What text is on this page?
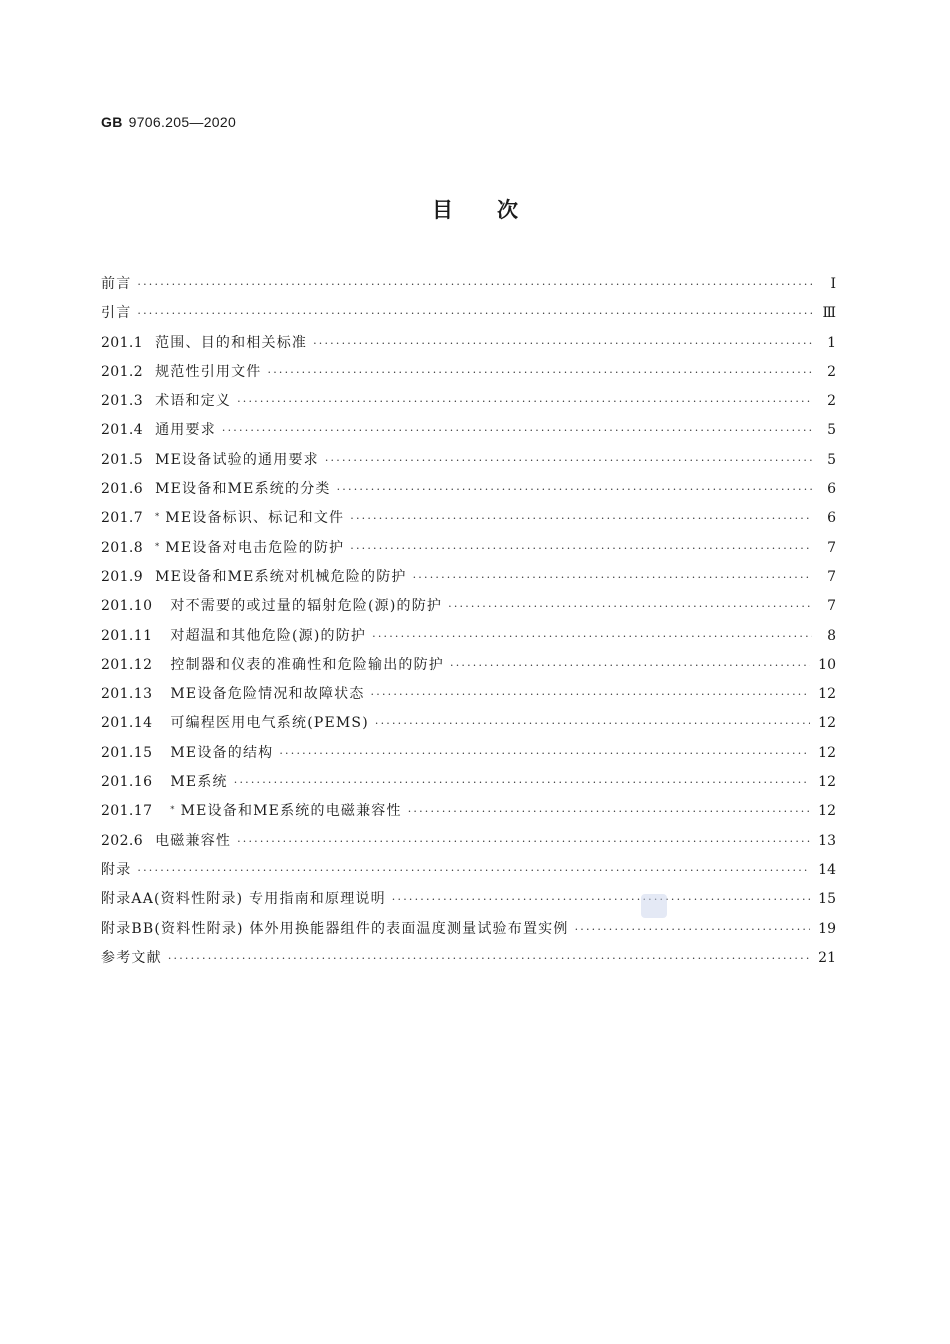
GB 9706.205—2020
目次
前言 ·····	Ⅰ
引言 ·····	Ⅲ
201.1 范围、目的和相关标准 ·····	1
201.2 规范性引用文件 ·····	2
201.3 术语和定义 ·····	2
201.4 通用要求 ·····	5
201.5 ME设备试验的通用要求 ·····	5
201.6 ME设备和ME系统的分类 ·····	6
201.7 * ME设备标识、标记和文件 ·····	6
201.8 * ME设备对电击危险的防护 ·····	7
201.9 ME设备和ME系统对机械危险的防护 ·····	7
201.10 对不需要的或过量的辐射危险(源)的防护 ·····	7
201.11 对超温和其他危险(源)的防护 ·····	8
201.12 控制器和仪表的准确性和危险输出的防护 ·····	10
201.13 ME设备危险情况和故障状态 ·····	12
201.14 可编程医用电气系统(PEMS) ·····	12
201.15 ME设备的结构 ·····	12
201.16 ME系统 ·····	12
201.17 * ME设备和ME系统的电磁兼容性 ·····	12
202.6 电磁兼容性 ·····	13
附录 ·····	14
附录AA(资料性附录) 专用指南和原理说明 ·····	15
附录BB(资料性附录) 体外用换能器组件的表面温度测量试验布置实例 ·····	19
参考文献 ·····	21
